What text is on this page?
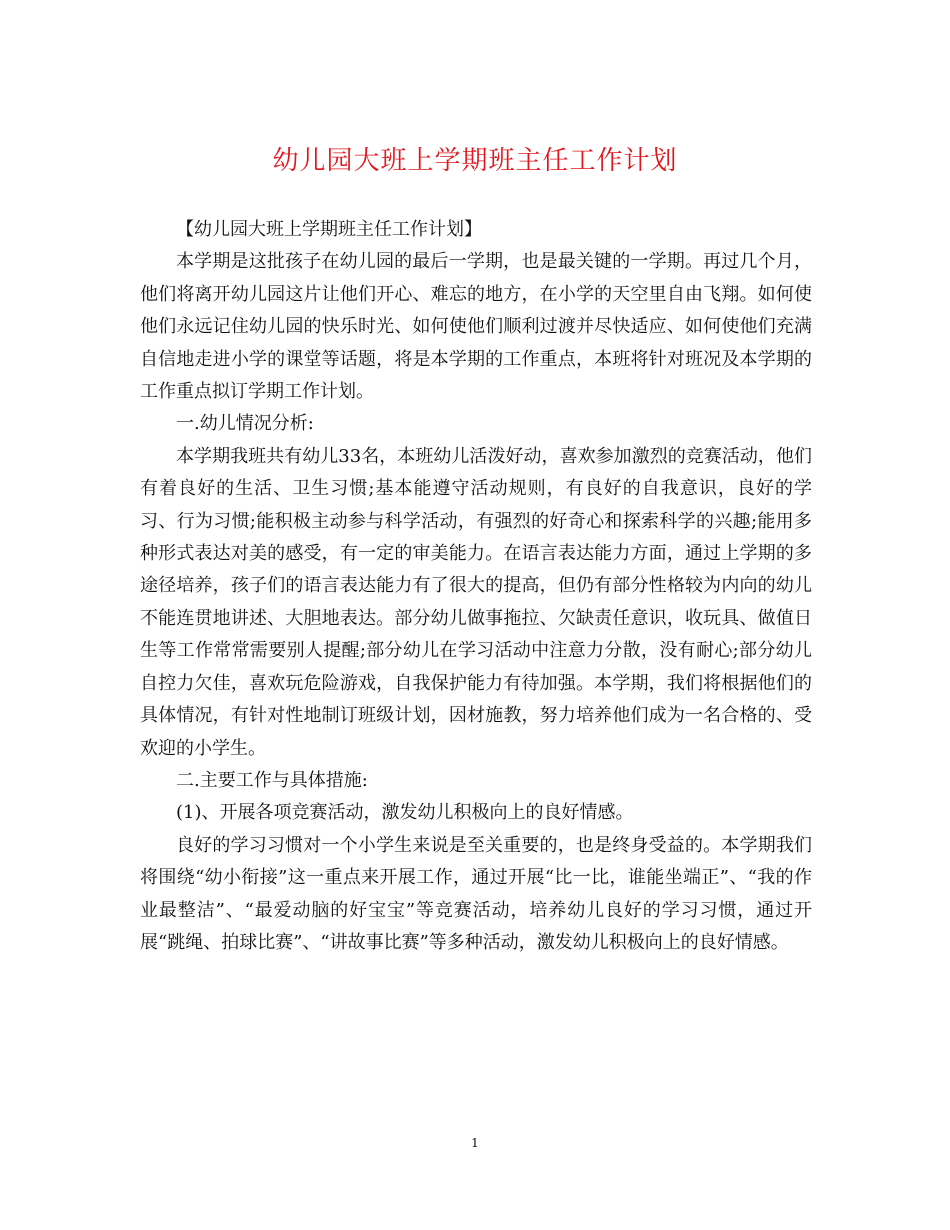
幼儿园大班上学期班主任工作计划

【幼儿园大班上学期班主任工作计划】

本学期是这批孩子在幼儿园的最后一学期，也是最关键的一学期。再过几个月，他们将离开幼儿园这片让他们开心、难忘的地方，在小学的天空里自由飞翔。如何使他们永远记住幼儿园的快乐时光、如何使他们顺利过渡并尽快适应、如何使他们充满自信地走进小学的课堂等话题，将是本学期的工作重点，本班将针对班况及本学期的工作重点拟订学期工作计划。

一.幼儿情况分析:

本学期我班共有幼儿33名，本班幼儿活泼好动，喜欢参加激烈的竞赛活动，他们有着良好的生活、卫生习惯;基本能遵守活动规则，有良好的自我意识，良好的学习、行为习惯;能积极主动参与科学活动，有强烈的好奇心和探索科学的兴趣;能用多种形式表达对美的感受，有一定的审美能力。在语言表达能力方面，通过上学期的多途径培养，孩子们的语言表达能力有了很大的提高，但仍有部分性格较为内向的幼儿不能连贯地讲述、大胆地表达。部分幼儿做事拖拉、欠缺责任意识，收玩具、做值日生等工作常常需要别人提醒;部分幼儿在学习活动中注意力分散，没有耐心;部分幼儿自控力欠佳，喜欢玩危险游戏，自我保护能力有待加强。本学期，我们将根据他们的具体情况，有针对性地制订班级计划，因材施教，努力培养他们成为一名合格的、受欢迎的小学生。

二.主要工作与具体措施:

(1)、开展各项竞赛活动，激发幼儿积极向上的良好情感。

良好的学习习惯对一个小学生来说是至关重要的，也是终身受益的。本学期我们将围绕“幼小衔接”这一重点来开展工作，通过开展“比一比，谁能坐端正”、“我的作业最整洁”、“最爱动脑的好宝宝”等竞赛活动，培养幼儿良好的学习习惯，通过开展“跳绳、拍球比赛”、“讲故事比赛”等多种活动，激发幼儿积极向上的良好情感。

1
